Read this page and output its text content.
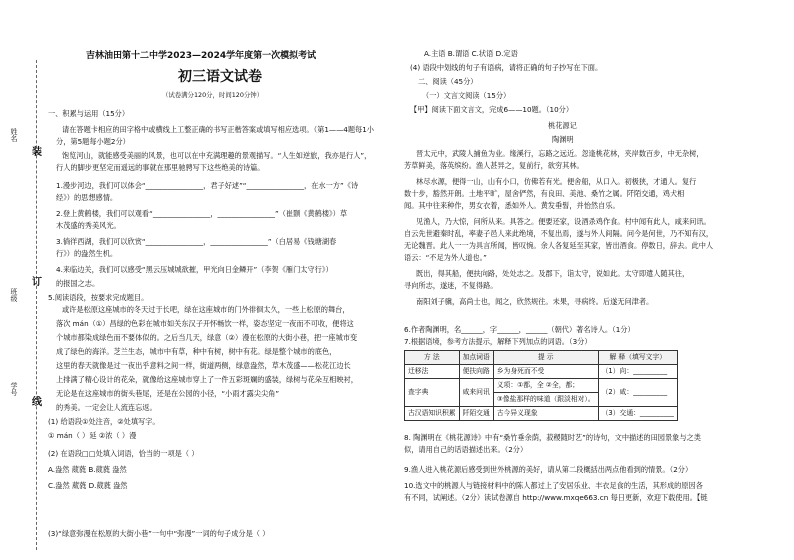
姓名
班级
学号
装
订
线
吉林油田第十二中学2023—2024学年度第一次模拟考试
初三语文试卷
（试卷满分120分，时间120分钟）
一、积累与运用（15分）
请在答题卡相应的田字格中或横线上工整正确的书写正楷答案或填写相应选项。（第1——4题每1小
分，第5题每小题2分）
饱览河山，就能感受美丽的风景，也可以在中充满理趣的景观描写。“人生如逆旅，我亦是行人”，
行人的脚步更坚定而遥远的事就在那里驰骋写下这些绝美的诗篇。
1.漫步河边，我们可以体会“________________，君子好逑”“________________，在水一方”《诗
经》）的思想感情。
2.登上黄鹤楼，我们可以观看“________________，________________”（崔颢《黄鹤楼》）草
木茂盛的秀美风光。
3.徜徉西湖，我们可以欣赏“________________，________________”（白居易《钱塘湖春
行》）的盎然生机。
4.来临边关，我们可以感受“黑云压城城欲摧，甲光向日金鳞开”（李贺《雁门太守行》）
的报国之志。
5.阅读语段，按要求完成题目。
或许是松原这座城市的冬天过于长吧，绿在这座城市的门外徘徊太久，一些上松原的舞台，
落次 mán（①）昌绿的色彩在城市如关东汉子开怀畅饮一样，姿态坚定一夜而不可收，便将这
个城市都染成绿色而不要体似的。之后当几天，绿意（②）漫在松原的大街小巷，把一座城市变
成了绿色的海洋。芝兰生态，城市中有草，种中有树，树中有花。绿是整个城市的底色，
这里的春天就像是过一夜出乎意料之间一样，街道两侧，绿意盎然，草木茂盛——松花江边长
上排满了精心设计的花朵，就像给这座城市穿上了一件五彩斑斓的盛装，绿树与花朵互相映衬，
无论是在这座城市的街头巷尾，还是在公园的小径，“小雨才露尖尖角”
的秀美。一定会让人流连忘返。
(1) 给语段①处注音，②处填写字。
① mán（ ）延 ②浓（ ）漫
(2) 在语段□□处填入词语，恰当的一项是（ ）
A.盎然 葳蕤 B.葳蕤 盎然
C.盎然 葳蕤 D.葳蕤 盎然
(3)“绿意弥漫在松原的大街小巷”一句中“弥漫”一词的句子成分是（ ）
A.主语 B.谓语 C.状语 D.定语
(4) 语段中划线的句子有语病，请将正确的句子抄写在下面。
二、阅读（45分）
（一）文言文阅读（15分）
【甲】阅读下面文言文，完成6——10题。（10分）
桃花源记
陶渊明
晋太元中，武陵人捕鱼为业。缘溪行，忘路之远近。忽逢桃花林，夹岸数百步，中无杂树，
芳草鲜美，落英缤纷。渔人甚异之，复前行，欲穷其林。
林尽水源，便得一山，山有小口，仿佛若有光。便舍船，从口入。初极狭，才通人。复行
数十步，豁然开朗。土地平旷，屋舍俨然，有良田、美池、桑竹之属。阡陌交通，鸡犬相
闻。其中往来种作，男女衣着，悉如外人。黄发垂髫，并怡然自乐。
见渔人，乃大惊，问所从来。具答之。便要还家，设酒杀鸡作食。村中闻有此人，咸来问讯。
自云先世避秦时乱，率妻子邑人来此绝境，不复出焉，遂与外人间隔。问今是何世，乃不知有汉，
无论魏晋。此人一一为具言所闻，皆叹惋。余人各复延至其家，皆出酒食。停数日，辞去。此中人
语云：“不足为外人道也。”
既出，得其船，便扶向路，处处志之。及郡下，诣太守，说如此。太守即遣人随其往，
寻向所志，遂迷，不复得路。
南阳刘子骥，高尚士也，闻之，欣然规往。未果，寻病终。后遂无问津者。
6.作者陶渊明，名______，字______，______（朝代）著名诗人。（1分）
7.根据语境，参考方法提示，解释下列加点的词语。（3分）
方 法	加点词语	提 示	解 释（填写文字）
迁移法	便扶向路	乡为身死而不受	（1）向：__________
查字典	咸来问讯	义项：①都，全 ②全，都；	（2）咸：__________
		③像盐那样的味道（跟淡相对）。	
古汉语知识积累	阡陌交通	古今异义现象	（3）交通：__________
8. 陶渊明在《桃花源诗》中有“桑竹垂余荫，菽稷随时艺”的诗句，文中描述的田园景象与之类
似，请用自己的话语描述出来。（2分）
9.渔人进入桃花源后感受到世外桃源的美好，请从第二段概括出两点他看到的情景。（2分）
10.选文中的桃源人与链接材料中的陈人都过上了安居乐业、丰衣足食的生活，其形成的原因各
有不同，试阐述。（2分）读试卷源自 http://www.mxqe663.cn 每日更新，欢迎下载使用。【链
